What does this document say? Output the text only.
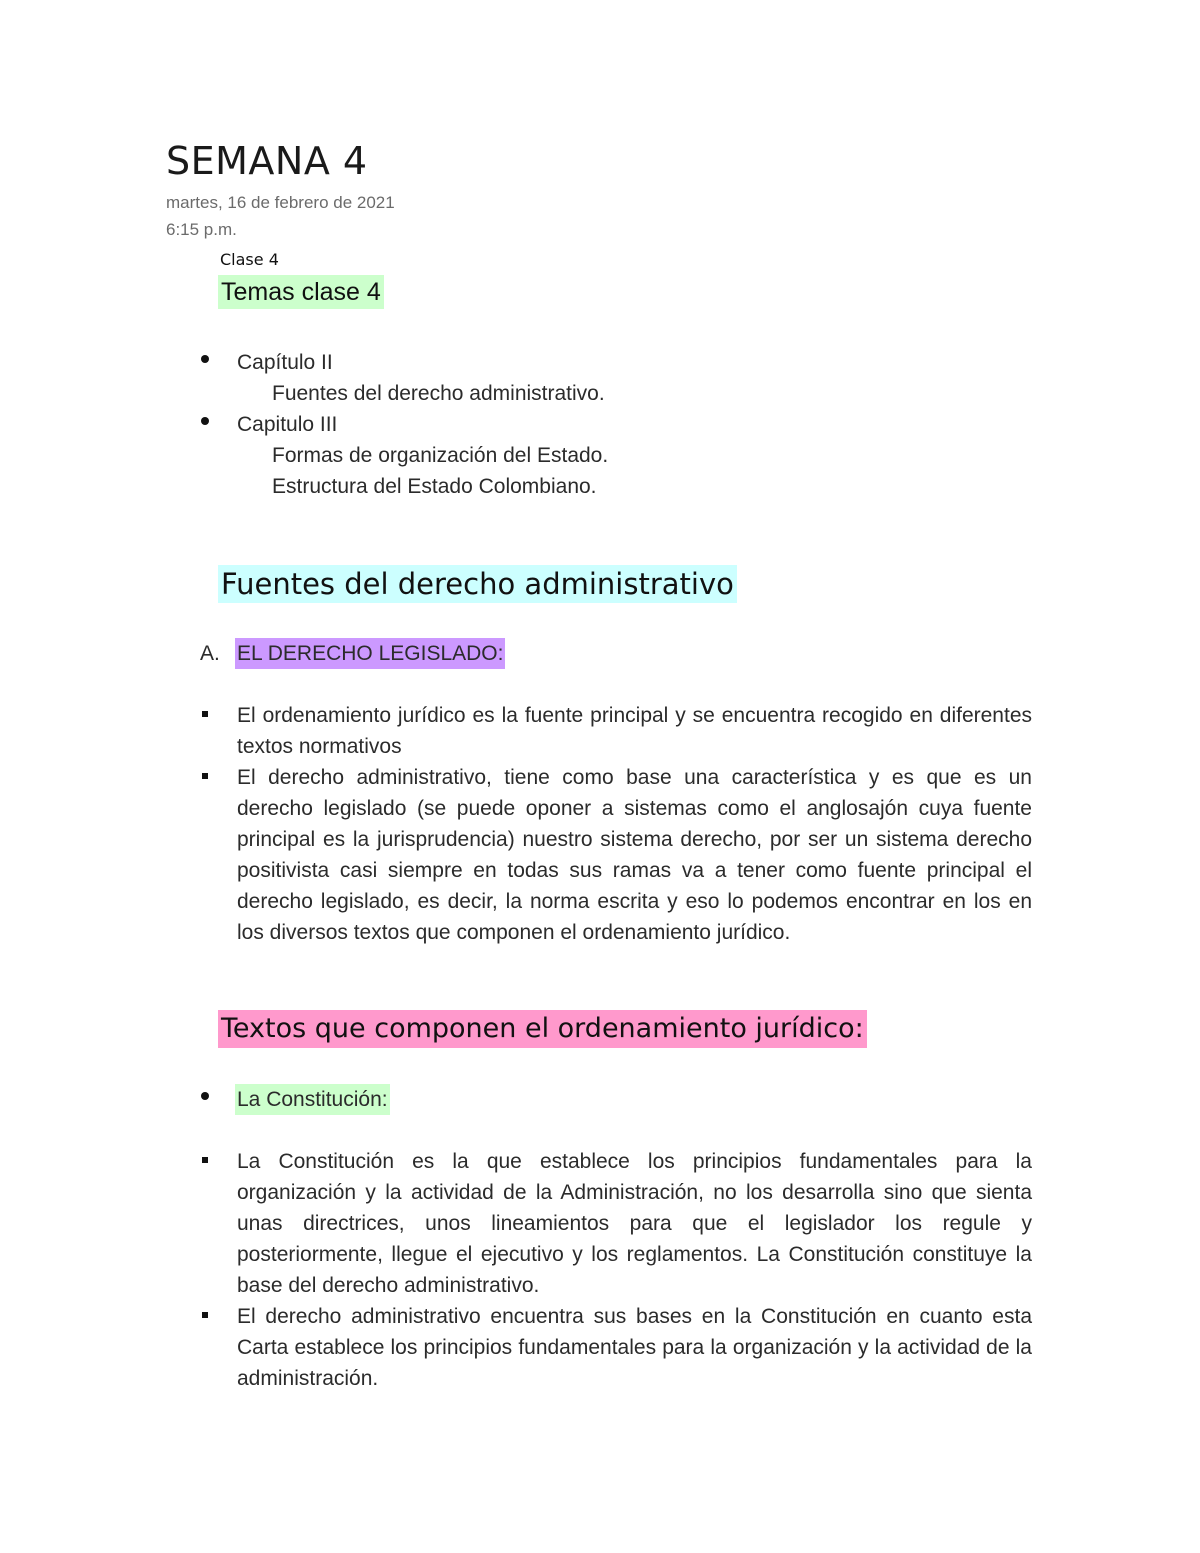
SEMANA 4
martes, 16 de febrero de 2021
6:15 p.m.
Clase 4
Temas clase 4
Capítulo II
Fuentes del derecho administrativo.
Capitulo III
Formas de organización del Estado.
Estructura del Estado Colombiano.
Fuentes del derecho administrativo
A. EL DERECHO LEGISLADO:
El ordenamiento jurídico es la fuente principal y se encuentra recogido en diferentes textos normativos
El derecho administrativo, tiene como base una característica y es que es un derecho legislado (se puede oponer a sistemas como el anglosajón cuya fuente principal es la jurisprudencia) nuestro sistema derecho, por ser un sistema derecho positivista casi siempre en todas sus ramas va a tener como fuente principal el derecho legislado, es decir, la norma escrita y eso lo podemos encontrar en los en los diversos textos que componen el ordenamiento jurídico.
Textos que componen el ordenamiento jurídico:
La Constitución:
La Constitución es la que establece los principios fundamentales para la organización y la actividad de la Administración, no los desarrolla sino que sienta unas directrices, unos lineamientos para que el legislador los regule y posteriormente, llegue el ejecutivo y los reglamentos. La Constitución constituye la base del derecho administrativo.
El derecho administrativo encuentra sus bases en la Constitución en cuanto esta Carta establece los principios fundamentales para la organización y la actividad de la administración.
